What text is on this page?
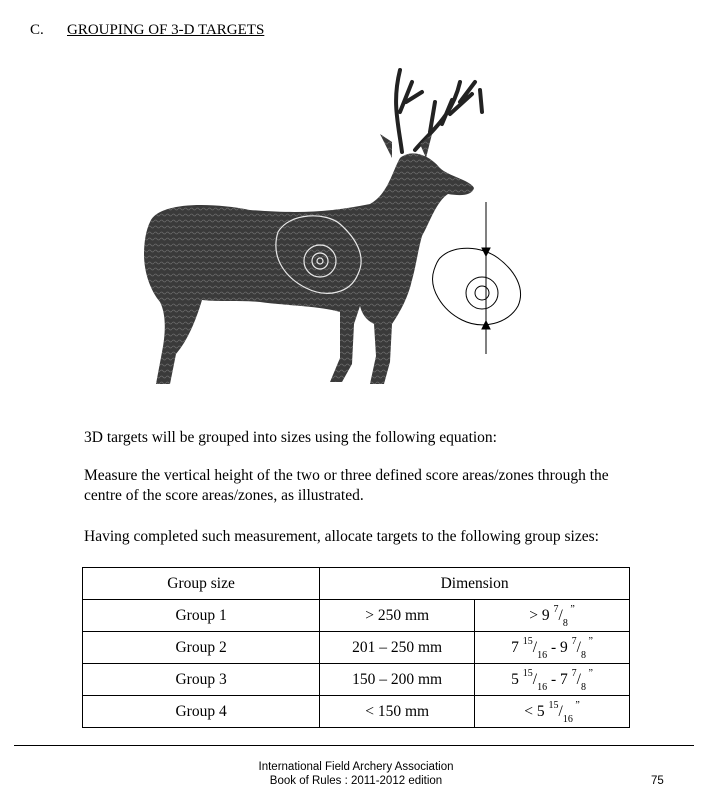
C. GROUPING OF 3-D TARGETS
3D targets will be grouped into sizes using the following equation:
Measure the vertical height of the two or three defined score areas/zones through the
centre of the score areas/zones, as illustrated.
Having completed such measurement, allocate targets to the following group sizes:
Group size	Dimension	
Group 1	> 250 mm	> 9 $^7/_8$ ”
Group 2	201 – 250 mm	7 $^{15}/_{16} - 9$ $^7/_8$ ”
Group 3	150 – 200 mm	5 $^{15}/_{16} - 7$ $^7/_8$ ”
Group 4	< 150 mm	< 5 $^{15}/_{16}$ ”
International Field Archery Association
Book of Rules : 2011-2012 edition	75
